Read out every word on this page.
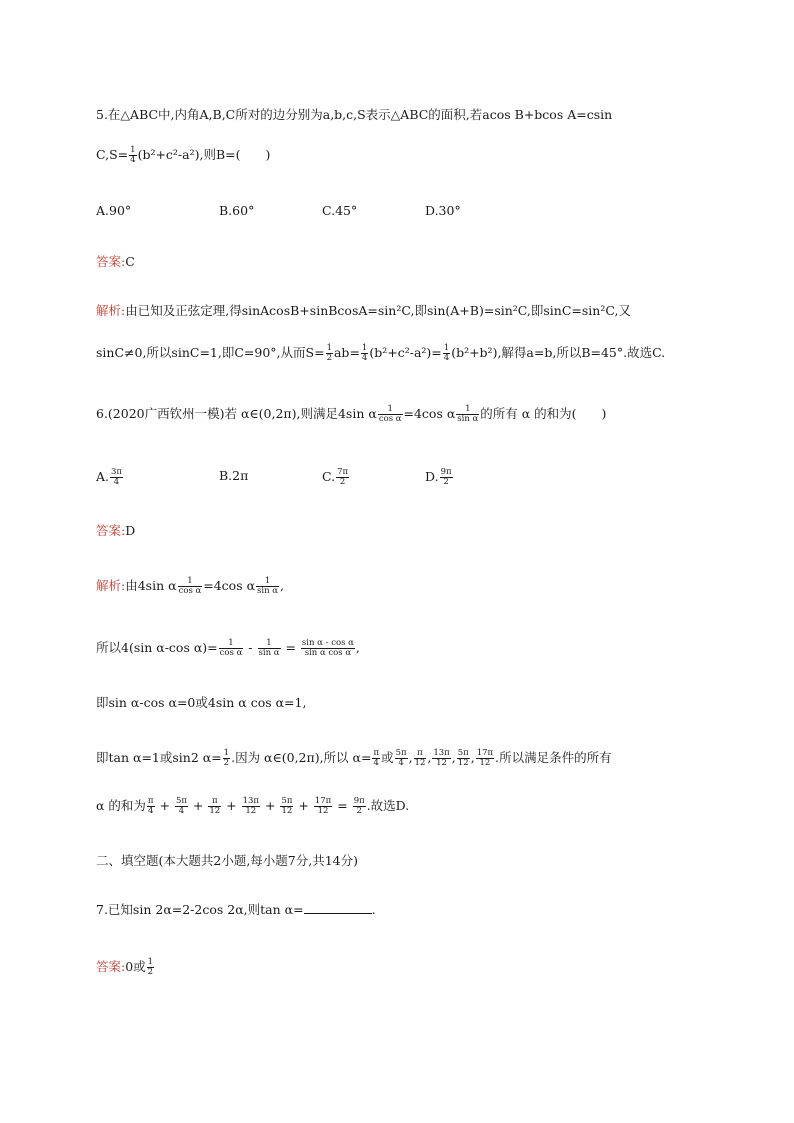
5.在△ABC中,内角A,B,C所对的边分别为a,b,c,S表示△ABC的面积,若acos B+bcos A=csin
$C,S= \frac{1}{4} (b^2+c^2-a^2)$,则B=(　　)
A.90°	B.60°	C.45°	D.30°
答案:C
解析:由已知及正弦定理,得sinAcosB+sinBcosA=sin²C,即sin(A+B)=sin²C,即sinC=sin²C,又
sinC≠0,所以sinC=1,即C=90°,从而$S= \frac{1}{2} ab= \frac{1}{4} (b^2+c^2-a^2)= \frac{1}{4} (b^2+b^2)$,解得a=b,所以B=45°.故选C.
6.(2020广西钦州一模)若 α∈(0,2π),则满足4sin α $\frac{1}{\text{cos α}} =4\cos$ α $\frac{1}{\text{sin α}}$ 的所有 α 的和为(　　)
A. $\frac{3\pi}{4}$	B.2π	C. $\frac{7\pi}{2}$	D. $\frac{9\pi}{2}$
答案:D
解析:由4sin α $\frac{1}{\text{cos α}} =4\cos$ α $\frac{1}{\text{sin α}}$ ,
所以4(sin α-cos $\alpha)= \frac{1}{\text{cos α}} - \frac{1}{\text{sin α}} = \frac{\text{sin α - cos α}}{\text{sin α cos α}}$ ,
即sin α-cos α=0或4sin α cos α=1,
即tan α=1或sin2 $\alpha= \frac{1}{2}$ .因为 α∈(0,2π),所以 $\alpha= \frac{\pi}{4}$ 或 $\frac{5\pi}{4}$ , $\frac{\pi}{12}$ , $\frac{13\pi}{12}$ , $\frac{5\pi}{12}$ , $\frac{17\pi}{12}$ .所以满足条件的所有
α 的和为 $\frac{\pi}{4} + \frac{5\pi}{4} + \frac{\pi}{12} + \frac{13\pi}{12} + \frac{5\pi}{12} + \frac{17\pi}{12} = \frac{9\pi}{2}$ .故选D.
二、填空题(本大题共2小题,每小题7分,共14分)
7.已知sin 2α=2-2cos 2α,则tan α=	.
答案:0或 $\frac{1}{2}$
